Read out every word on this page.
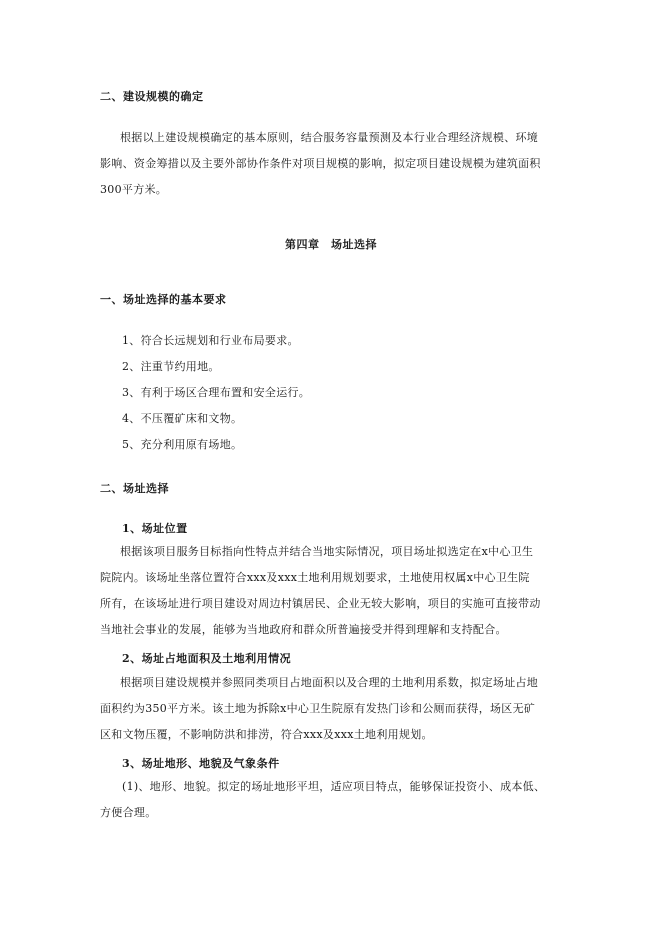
二、建设规模的确定
根据以上建设规模确定的基本原则，结合服务容量预测及本行业合理经济规模、环境
影响、资金筹措以及主要外部协作条件对项目规模的影响，拟定项目建设规模为建筑面积
300平方米。
第四章　场址选择
一、场址选择的基本要求
1、符合长远规划和行业布局要求。
2、注重节约用地。
3、有利于场区合理布置和安全运行。
4、不压覆矿床和文物。
5、充分利用原有场地。
二、场址选择
1、场址位置
根据该项目服务目标指向性特点并结合当地实际情况，项目场址拟选定在x中心卫生
院院内。该场址坐落位置符合xxx及xxx土地利用规划要求，土地使用权属x中心卫生院
所有，在该场址进行项目建设对周边村镇居民、企业无较大影响，项目的实施可直接带动
当地社会事业的发展，能够为当地政府和群众所普遍接受并得到理解和支持配合。
2、场址占地面积及土地利用情况
根据项目建设规模并参照同类项目占地面积以及合理的土地利用系数，拟定场址占地
面积约为350平方米。该土地为拆除x中心卫生院原有发热门诊和公厕而获得，场区无矿
区和文物压覆，不影响防洪和排涝，符合xxx及xxx土地利用规划。
3、场址地形、地貌及气象条件
(1)、地形、地貌。拟定的场址地形平坦，适应项目特点，能够保证投资小、成本低、
方便合理。
